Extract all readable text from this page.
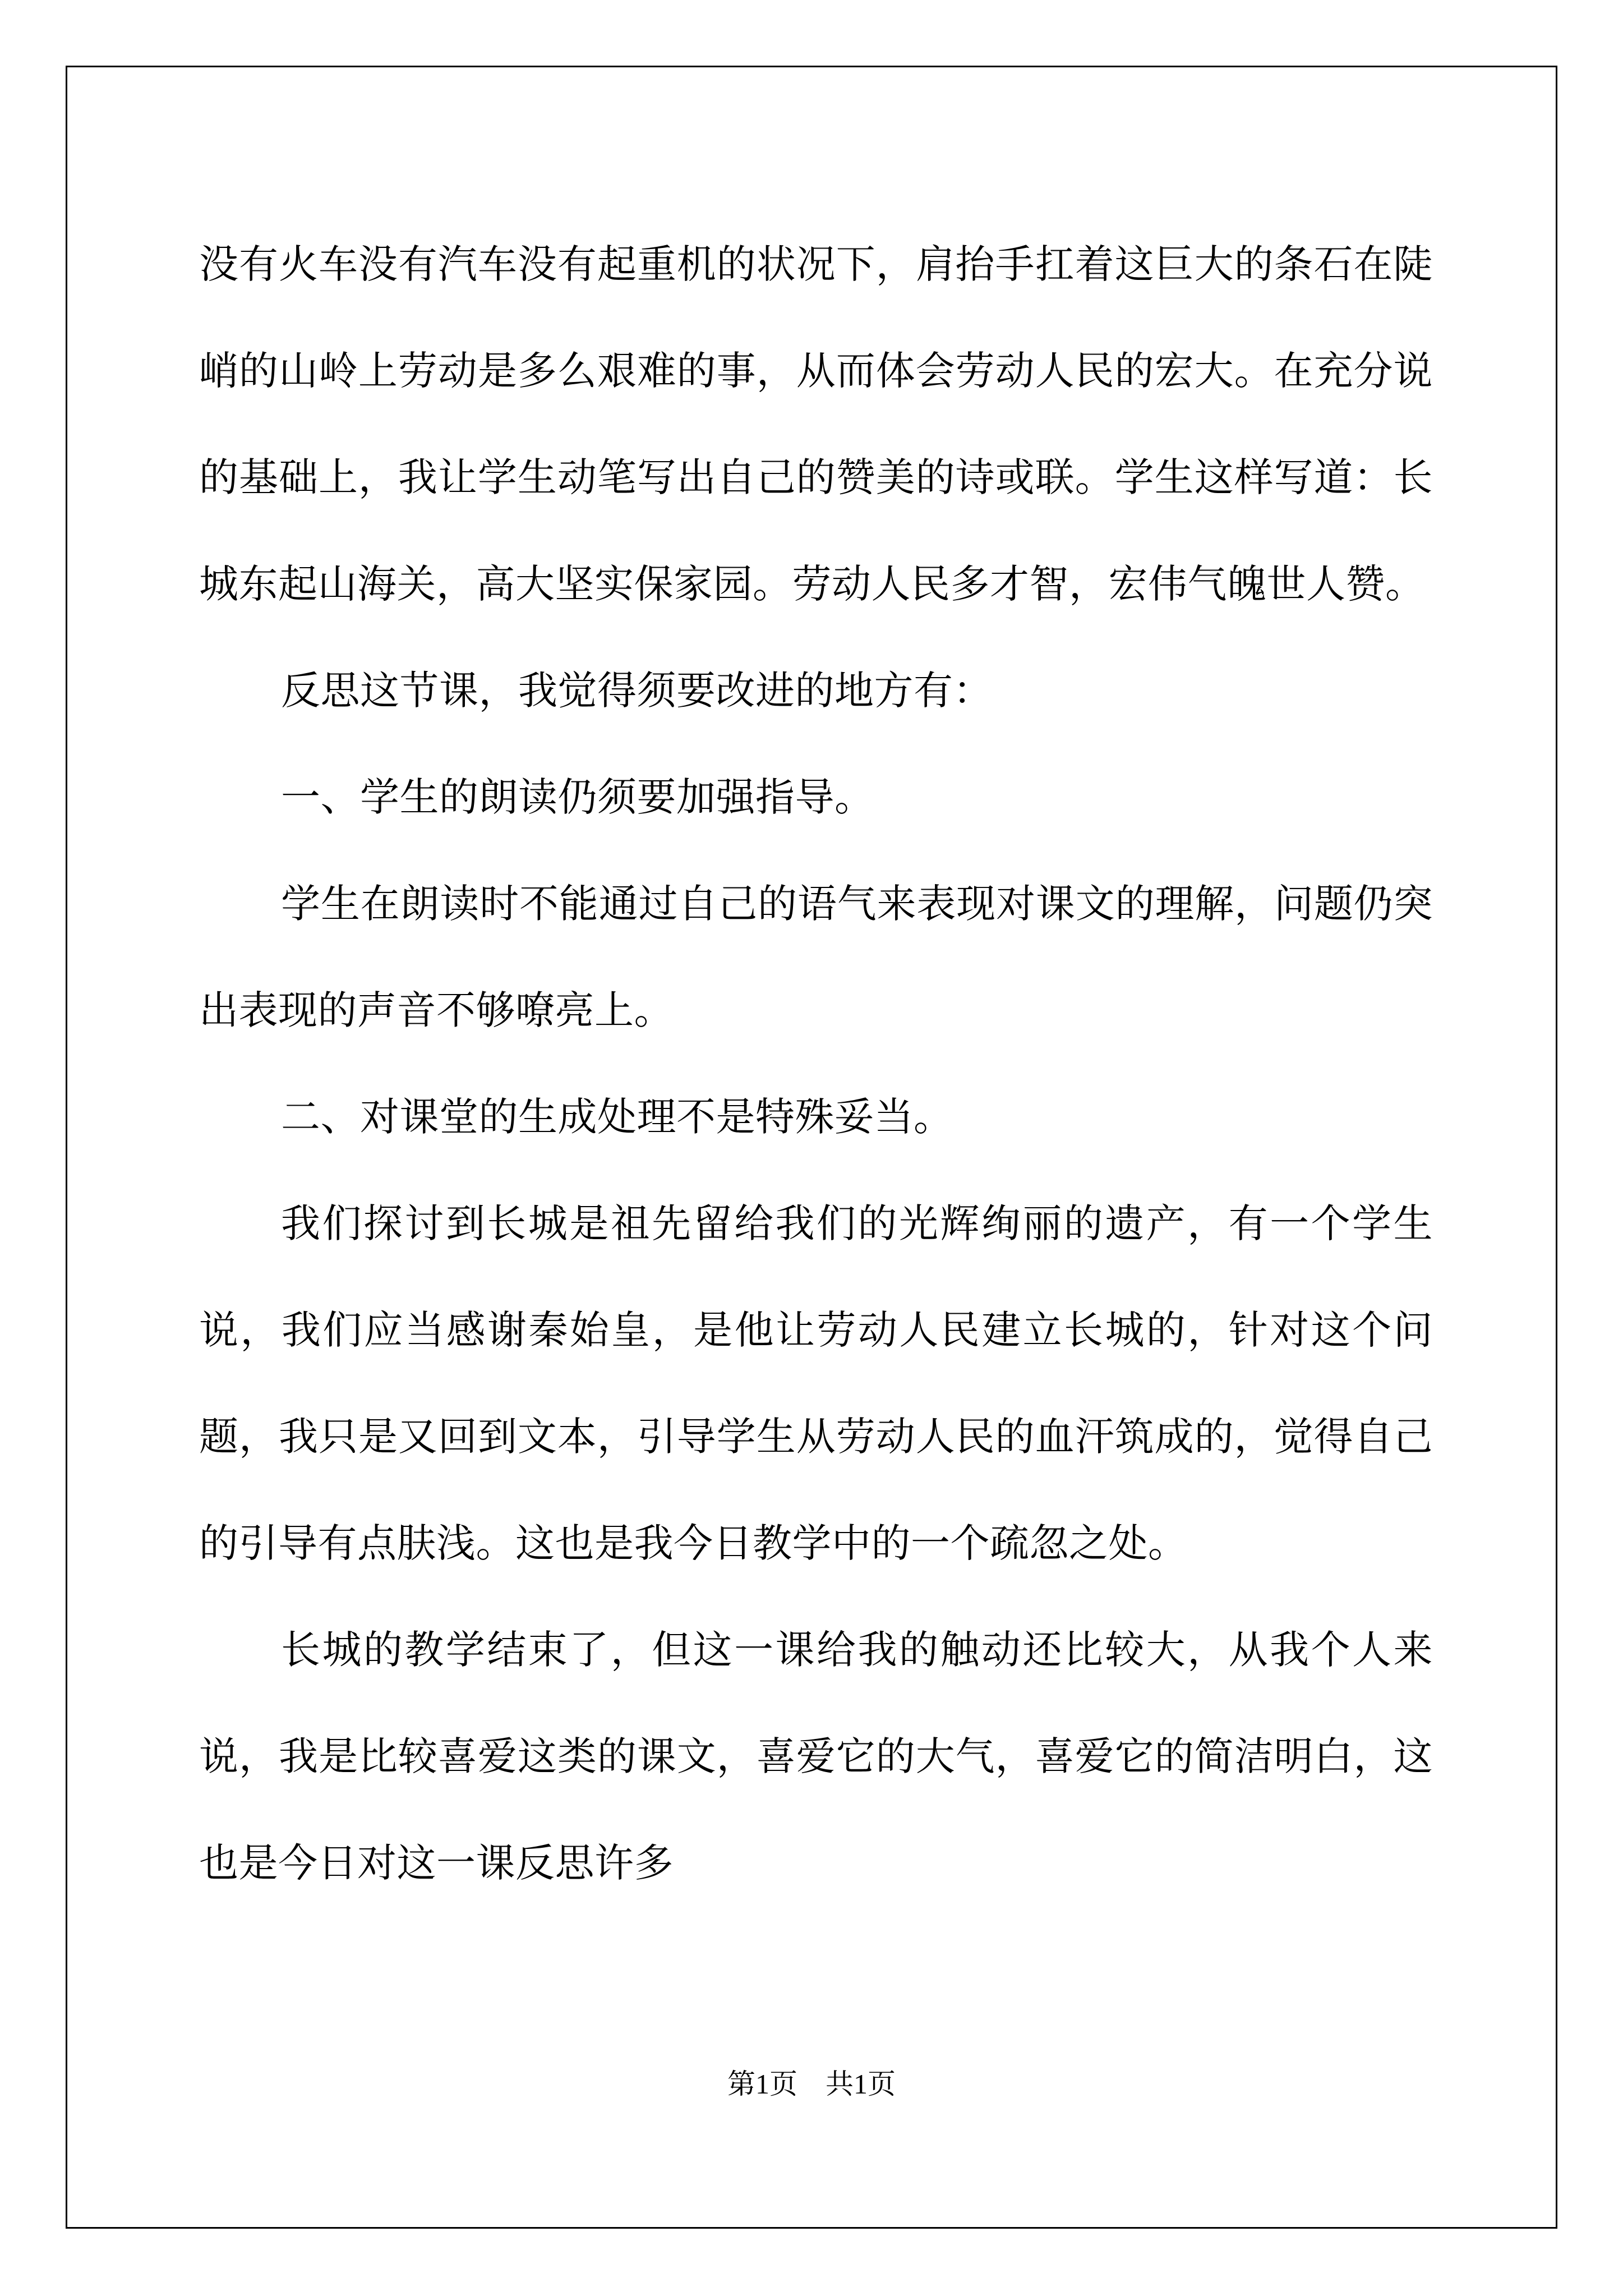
没有火车没有汽车没有起重机的状况下，肩抬手扛着这巨大的条石在陡峭的山岭上劳动是多么艰难的事，从而体会劳动人民的宏大。在充分说的基础上，我让学生动笔写出自己的赞美的诗或联。学生这样写道：长城东起山海关，高大坚实保家园。劳动人民多才智，宏伟气魄世人赞。

反思这节课，我觉得须要改进的地方有：

一、学生的朗读仍须要加强指导。

学生在朗读时不能通过自己的语气来表现对课文的理解，问题仍突出表现的声音不够嘹亮上。

二、对课堂的生成处理不是特殊妥当。

我们探讨到长城是祖先留给我们的光辉绚丽的遗产，有一个学生说，我们应当感谢秦始皇，是他让劳动人民建立长城的，针对这个问题，我只是又回到文本，引导学生从劳动人民的血汗筑成的，觉得自己的引导有点肤浅。这也是我今日教学中的一个疏忽之处。

长城的教学结束了，但这一课给我的触动还比较大，从我个人来说，我是比较喜爱这类的课文，喜爱它的大气，喜爱它的简洁明白，这也是今日对这一课反思许多

第1页 共1页
